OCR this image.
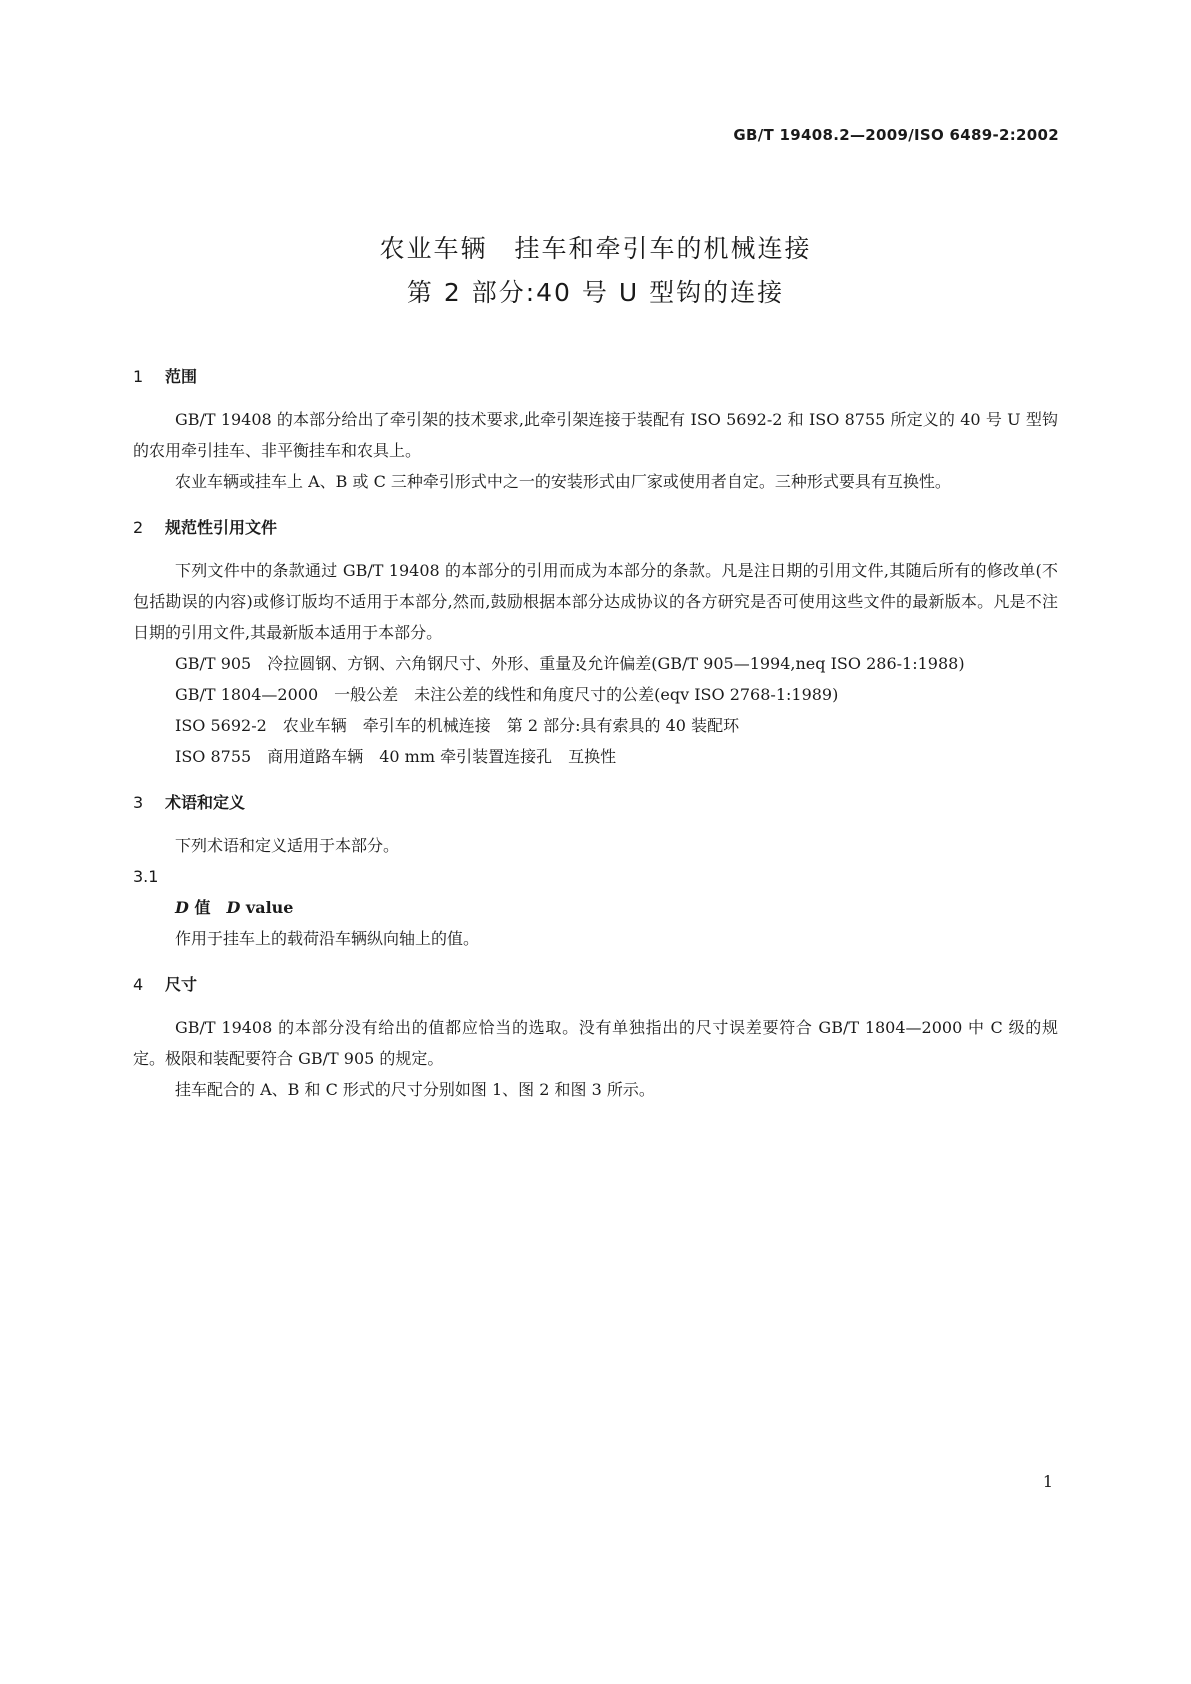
GB/T 19408.2—2009/ISO 6489-2:2002
农业车辆　挂车和牵引车的机械连接
第 2 部分:40 号 U 型钩的连接
1 范围

GB/T 19408 的本部分给出了牵引架的技术要求,此牵引架连接于装配有 ISO 5692-2 和 ISO 8755 所定义的 40 号 U 型钩的农用牵引挂车、非平衡挂车和农具上。

农业车辆或挂车上 A、B 或 C 三种牵引形式中之一的安装形式由厂家或使用者自定。三种形式要具有互换性。

2 规范性引用文件

下列文件中的条款通过 GB/T 19408 的本部分的引用而成为本部分的条款。凡是注日期的引用文件,其随后所有的修改单(不包括勘误的内容)或修订版均不适用于本部分,然而,鼓励根据本部分达成协议的各方研究是否可使用这些文件的最新版本。凡是不注日期的引用文件,其最新版本适用于本部分。

GB/T 905　冷拉圆钢、方钢、六角钢尺寸、外形、重量及允许偏差(GB/T 905—1994,neq ISO 286-1:1988)

GB/T 1804—2000　一般公差　未注公差的线性和角度尺寸的公差(eqv ISO 2768-1:1989)

ISO 5692-2　农业车辆　牵引车的机械连接　第 2 部分:具有索具的 40 装配环

ISO 8755　商用道路车辆　40 mm 牵引装置连接孔　互换性

3 术语和定义

下列术语和定义适用于本部分。

3.1

D 值　D value

作用于挂车上的载荷沿车辆纵向轴上的值。

4 尺寸

GB/T 19408 的本部分没有给出的值都应恰当的选取。没有单独指出的尺寸误差要符合 GB/T 1804—2000 中 C 级的规定。极限和装配要符合 GB/T 905 的规定。

挂车配合的 A、B 和 C 形式的尺寸分别如图 1、图 2 和图 3 所示。

1
